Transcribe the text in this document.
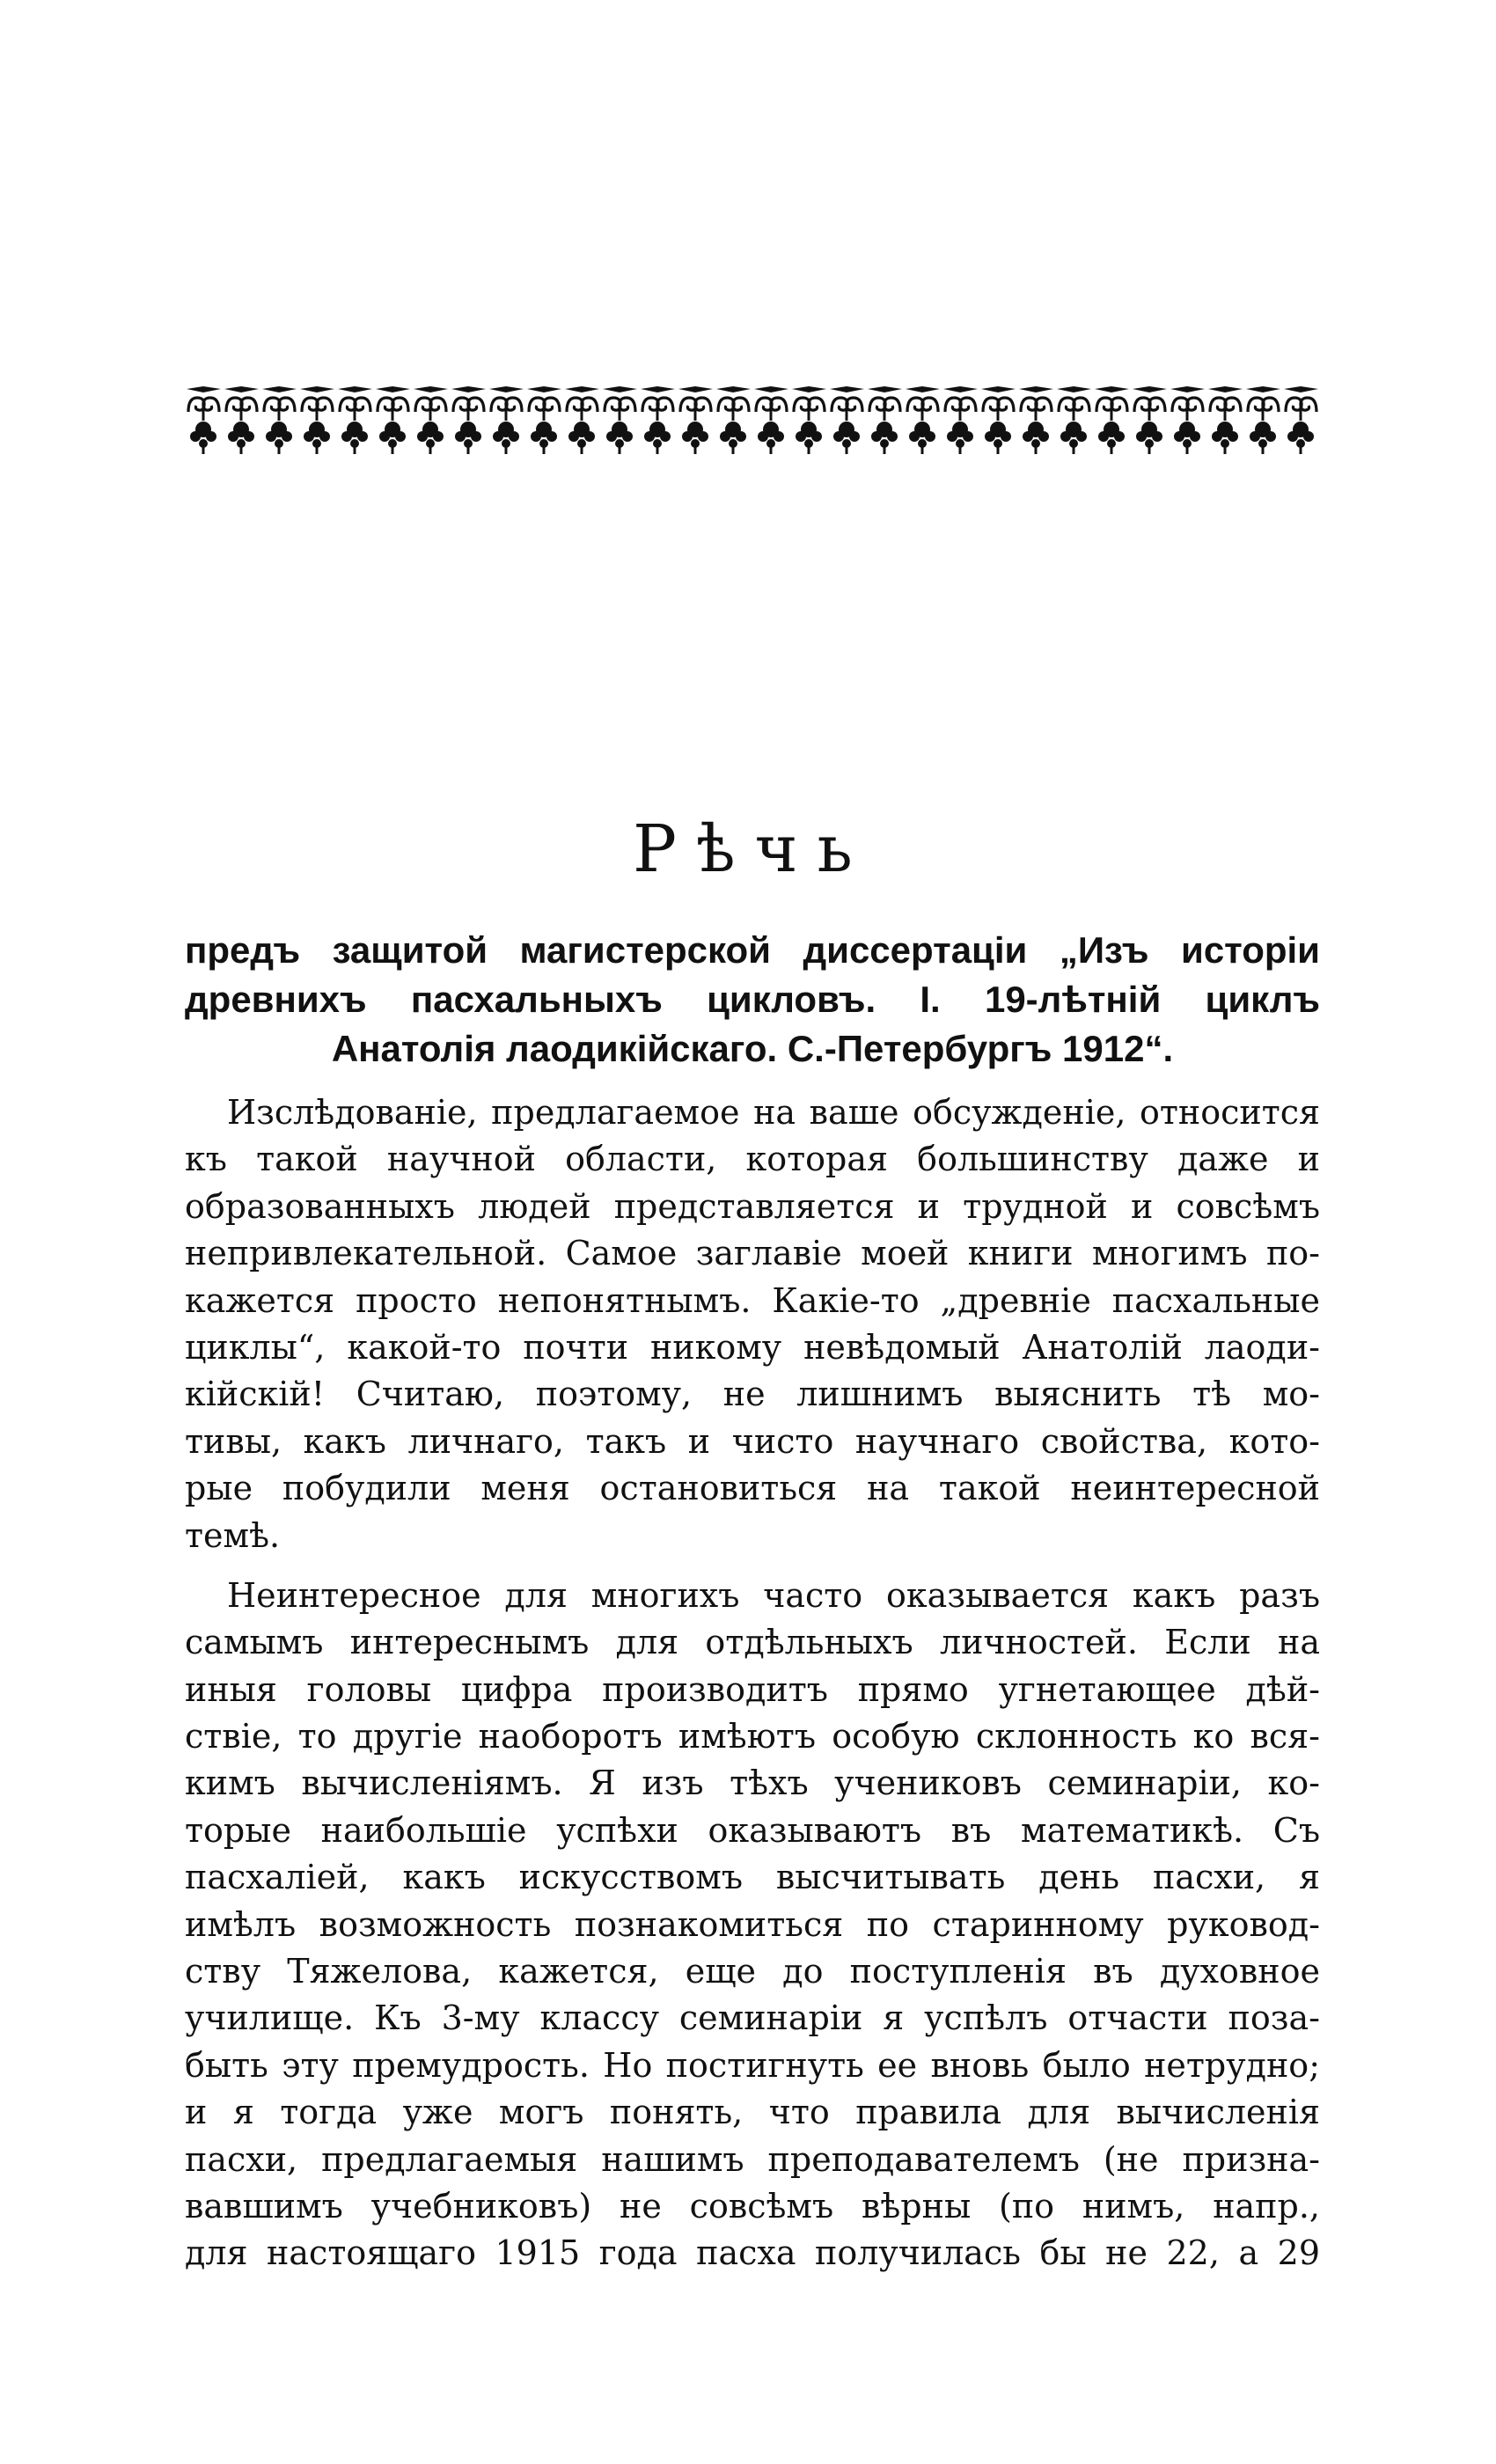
Рѣчь
предъ защитой магистерской диссертаціи „Изъ исторіи
древнихъ пасхальныхъ цикловъ. I. 19-лѣтній циклъ
Анатолія лаодикійскаго. С.-Петербургъ 1912“.
Изслѣдованіе, предлагаемое на ваше обсужденіе, относится
къ такой научной области, которая большинству даже и
образованныхъ людей представляется и трудной и совсѣмъ
непривлекательной. Самое заглавіе моей книги многимъ по-
кажется просто непонятнымъ. Какіе-то „древніе пасхальные
циклы“, какой-то почти никому невѣдомый Анатолій лаоди-
кійскій! Считаю, поэтому, не лишнимъ выяснить тѣ мо-
тивы, какъ личнаго, такъ и чисто научнаго свойства, кото-
рые побудили меня остановиться на такой неинтересной
темѣ.
Неинтересное для многихъ часто оказывается какъ разъ
самымъ интереснымъ для отдѣльныхъ личностей. Если на
иныя головы цифра производитъ прямо угнетающее дѣй-
ствіе, то другіе наоборотъ имѣютъ особую склонность ко вся-
кимъ вычисленіямъ. Я изъ тѣхъ учениковъ семинаріи, ко-
торые наибольшіе успѣхи оказываютъ въ математикѣ. Съ
пасхаліей, какъ искусствомъ высчитывать день пасхи, я
имѣлъ возможность познакомиться по старинному руковод-
ству Тяжелова, кажется, еще до поступленія въ духовное
училище. Къ 3-му классу семинаріи я успѣлъ отчасти поза-
быть эту премудрость. Но постигнуть ее вновь было нетрудно;
и я тогда уже могъ понять, что правила для вычисленія
пасхи, предлагаемыя нашимъ преподавателемъ (не призна-
вавшимъ учебниковъ) не совсѣмъ вѣрны (по нимъ, напр.,
для настоящаго 1915 года пасха получилась бы не 22, а 29
